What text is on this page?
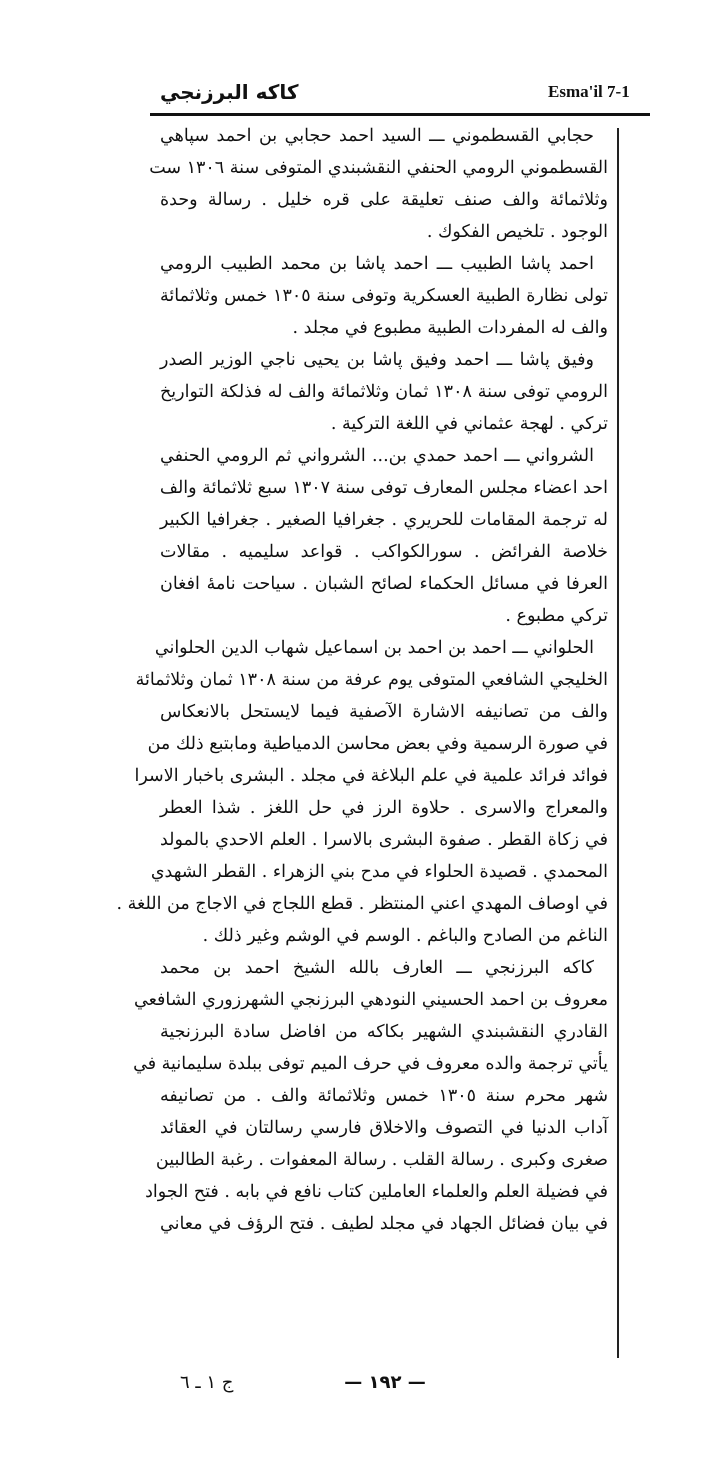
كاكه البرزنجي	Esma'il 7-1
حجابي القسطموني ـــ السيد احمد حجابي بن احمد سپاهي
القسطموني الرومي الحنفي النقشبندي المتوفى سنة ١٣٠٦ ست
وثلاثمائة والف صنف تعليقة على قره خليل . رسالة وحدة
الوجود . تلخيص الفكوك .
احمد پاشا الطبيب ـــ احمد پاشا بن محمد الطبيب الرومي
تولى نظارة الطبية العسكرية وتوفى سنة ١٣٠٥ خمس وثلاثمائة
والف له المفردات الطبية مطبوع في مجلد .
وفيق پاشا ـــ احمد وفيق پاشا بن يحيى ناجي الوزير الصدر
الرومي توفى سنة ١٣٠٨ ثمان وثلاثمائة والف له فذلكة التواريخ
تركي . لهجة عثماني في اللغة التركية .
الشرواني ـــ احمد حمدي بن... الشرواني ثم الرومي الحنفي
احد اعضاء مجلس المعارف توفى سنة ١٣٠٧ سبع ثلاثمائة والف
له ترجمة المقامات للحريري . جغرافيا الصغير . جغرافيا الكبير
خلاصة الفرائض . سورالكواكب . قواعد سليميه . مقالات
العرفا في مسائل الحكماء لصائح الشبان . سياحت نامهٔ افغان
تركي مطبوع .
الحلواني ـــ احمد بن احمد بن اسماعيل شهاب الدين الحلواني
الخليجي الشافعي المتوفى يوم عرفة من سنة ١٣٠٨ ثمان وثلاثمائة
والف من تصانيفه الاشارة الآصفية فيما لايستحل بالانعكاس
في صورة الرسمية وفي بعض محاسن الدمياطية ومابتبع ذلك من
فوائد فرائد علمية في علم البلاغة في مجلد . البشرى باخبار الاسرا
والمعراج والاسرى . حلاوة الرز في حل اللغز . شذا العطر
في زكاة القطر . صفوة البشرى بالاسرا . العلم الاحدي بالمولد
المحمدي . قصيدة الحلواء في مدح بني الزهراء . القطر الشهدي
في اوصاف المهدي اعني المنتظر . قطع اللجاج في الاجاج من اللغة .
الناغم من الصادح والباغم . الوسم في الوشم وغير ذلك .
كاكه البرزنجي ـــ العارف بالله الشيخ احمد بن محمد
معروف بن احمد الحسيني النودهي البرزنجي الشهرزوري الشافعي
القادري النقشبندي الشهير بكاكه من افاضل سادة البرزنجية
يأتي ترجمة والده معروف في حرف الميم توفى ببلدة سليمانية في
شهر محرم سنة ١٣٠٥ خمس وثلاثمائة والف . من تصانيفه
آداب الدنيا في التصوف والاخلاق فارسي رسالتان في العقائد
صغرى وكبرى . رسالة القلب . رسالة المعفوات . رغبة الطالبين
في فضيلة العلم والعلماء العاملين كتاب نافع في بابه . فتح الجواد
في بيان فضائل الجهاد في مجلد لطيف . فتح الرؤف في معاني
ج ١ ـ ٦	— ١٩٢ —
